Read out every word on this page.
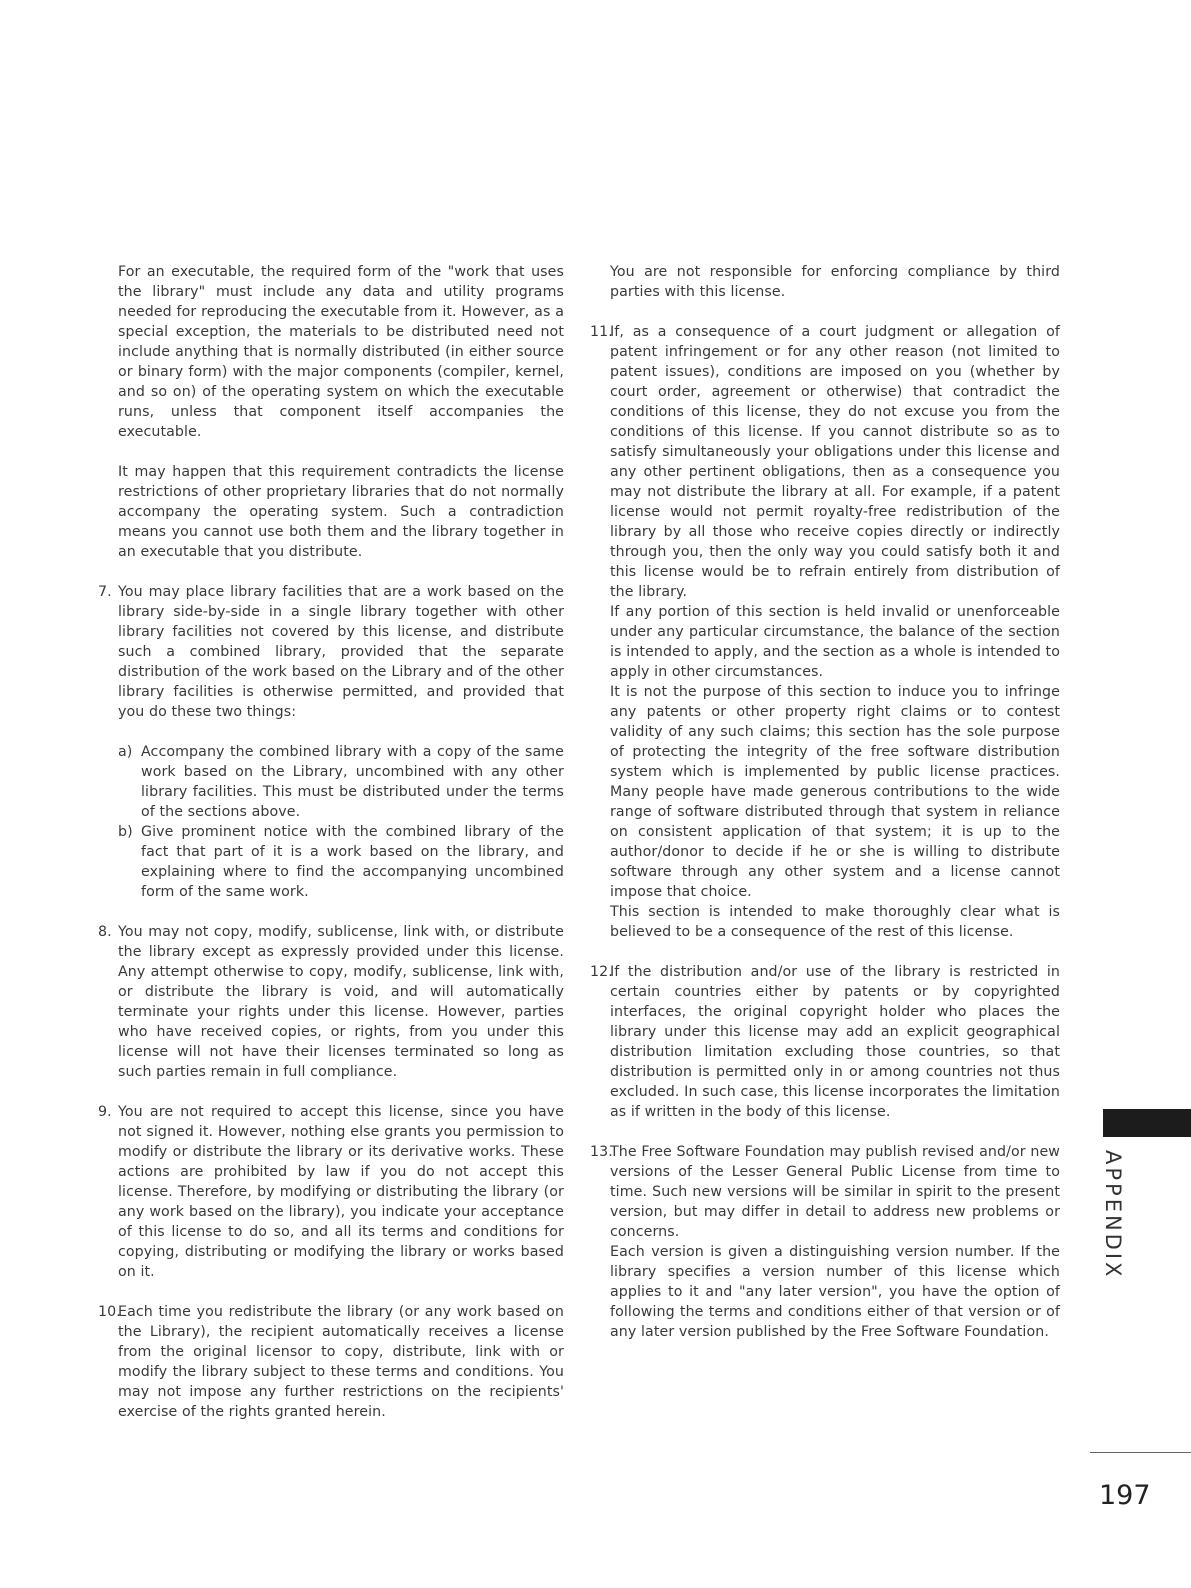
For an executable, the required form of the "work that uses the library" must include any data and utility programs needed for reproducing the executable from it. However, as a special exception, the materials to be distributed need not include anything that is normally distributed (in either source or binary form) with the major components (compiler, kernel, and so on) of the operating system on which the executable runs, unless that component itself accompanies the executable.

It may happen that this requirement contradicts the license restrictions of other proprietary libraries that do not normally accompany the operating system. Such a contradiction means you cannot use both them and the library together in an executable that you distribute.

7. You may place library facilities that are a work based on the library side-by-side in a single library together with other library facilities not covered by this license, and distribute such a combined library, provided that the separate distribution of the work based on the Library and of the other library facilities is otherwise permitted, and provided that you do these two things:

a) Accompany the combined library with a copy of the same work based on the Library, uncombined with any other library facilities. This must be distributed under the terms of the sections above.

b) Give prominent notice with the combined library of the fact that part of it is a work based on the library, and explaining where to find the accompanying uncombined form of the same work.

8. You may not copy, modify, sublicense, link with, or distribute the library except as expressly provided under this license. Any attempt otherwise to copy, modify, sublicense, link with, or distribute the library is void, and will automatically terminate your rights under this license. However, parties who have received copies, or rights, from you under this license will not have their licenses terminated so long as such parties remain in full compliance.

9. You are not required to accept this license, since you have not signed it. However, nothing else grants you permission to modify or distribute the library or its derivative works. These actions are prohibited by law if you do not accept this license. Therefore, by modifying or distributing the library (or any work based on the library), you indicate your acceptance of this license to do so, and all its terms and conditions for copying, distributing or modifying the library or works based on it.

10.

Each time you redistribute the library (or any work based on the Library), the recipient automatically receives a license from the original licensor to copy, distribute, link with or modify the library subject to these terms and conditions. You may not impose any further restrictions on the recipients' exercise of the rights granted herein.

You are not responsible for enforcing compliance by third parties with this license.

11.

If, as a consequence of a court judgment or allegation of patent infringement or for any other reason (not limited to patent issues), conditions are imposed on you (whether by court order, agreement or otherwise) that contradict the conditions of this license, they do not excuse you from the conditions of this license. If you cannot distribute so as to satisfy simultaneously your obligations under this license and any other pertinent obligations, then as a consequence you may not distribute the library at all. For example, if a patent license would not permit royalty-free redistribution of the library by all those who receive copies directly or indirectly through you, then the only way you could satisfy both it and this license would be to refrain entirely from distribution of the library.

If any portion of this section is held invalid or unenforceable under any particular circumstance, the balance of the section is intended to apply, and the section as a whole is intended to apply in other circumstances.

It is not the purpose of this section to induce you to infringe any patents or other property right claims or to contest validity of any such claims; this section has the sole purpose of protecting the integrity of the free software distribution system which is implemented by public license practices. Many people have made generous contributions to the wide range of software distributed through that system in reliance on consistent application of that system; it is up to the author/donor to decide if he or she is willing to distribute software through any other system and a license cannot impose that choice.

This section is intended to make thoroughly clear what is believed to be a consequence of the rest of this license.

12.

If the distribution and/or use of the library is restricted in certain countries either by patents or by copyrighted interfaces, the original copyright holder who places the library under this license may add an explicit geographical distribution limitation excluding those countries, so that distribution is permitted only in or among countries not thus excluded. In such case, this license incorporates the limitation as if written in the body of this license.

13.

The Free Software Foundation may publish revised and/or new versions of the Lesser General Public License from time to time. Such new versions will be similar in spirit to the present version, but may differ in detail to address new problems or concerns.

Each version is given a distinguishing version number. If the library specifies a version number of this license which applies to it and "any later version", you have the option of following the terms and conditions either of that version or of any later version published by the Free Software Foundation.

APPENDIX
197
